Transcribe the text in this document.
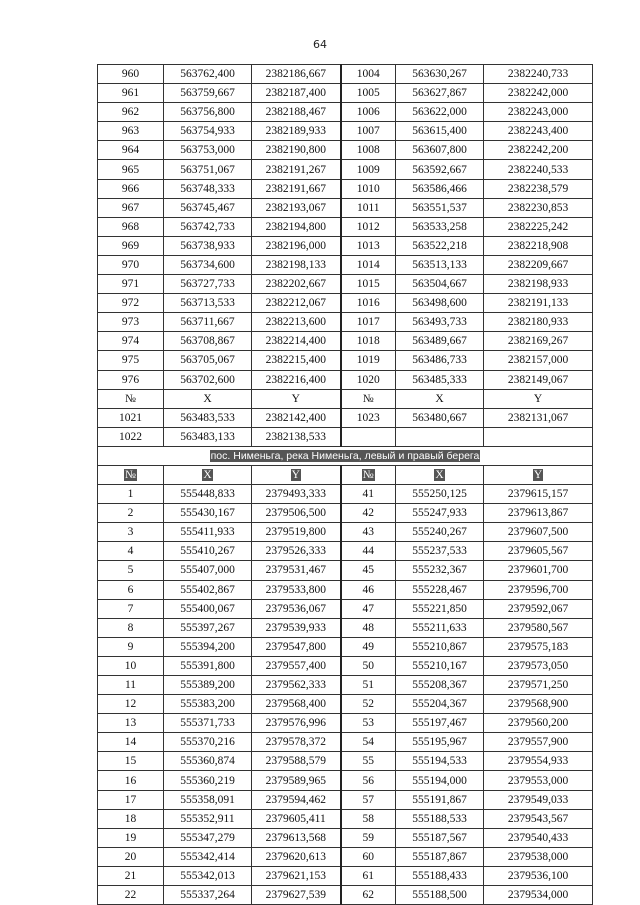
64
960	563762,400	2382186,667	1004	563630,267	2382240,733
961	563759,667	2382187,400	1005	563627,867	2382242,000
962	563756,800	2382188,467	1006	563622,000	2382243,000
963	563754,933	2382189,933	1007	563615,400	2382243,400
964	563753,000	2382190,800	1008	563607,800	2382242,200
965	563751,067	2382191,267	1009	563592,667	2382240,533
966	563748,333	2382191,667	1010	563586,466	2382238,579
967	563745,467	2382193,067	1011	563551,537	2382230,853
968	563742,733	2382194,800	1012	563533,258	2382225,242
969	563738,933	2382196,000	1013	563522,218	2382218,908
970	563734,600	2382198,133	1014	563513,133	2382209,667
971	563727,733	2382202,667	1015	563504,667	2382198,933
972	563713,533	2382212,067	1016	563498,600	2382191,133
973	563711,667	2382213,600	1017	563493,733	2382180,933
974	563708,867	2382214,400	1018	563489,667	2382169,267
975	563705,067	2382215,400	1019	563486,733	2382157,000
976	563702,600	2382216,400	1020	563485,333	2382149,067
№	X	Y	№	X	Y
1021	563483,533	2382142,400	1023	563480,667	2382131,067
1022	563483,133	2382138,533			
пос. Нименьга, река Нименьга, левый и правый берега					
№	X	Y	№	X	Y
1	555448,833	2379493,333	41	555250,125	2379615,157
2	555430,167	2379506,500	42	555247,933	2379613,867
3	555411,933	2379519,800	43	555240,267	2379607,500
4	555410,267	2379526,333	44	555237,533	2379605,567
5	555407,000	2379531,467	45	555232,367	2379601,700
6	555402,867	2379533,800	46	555228,467	2379596,700
7	555400,067	2379536,067	47	555221,850	2379592,067
8	555397,267	2379539,933	48	555211,633	2379580,567
9	555394,200	2379547,800	49	555210,867	2379575,183
10	555391,800	2379557,400	50	555210,167	2379573,050
11	555389,200	2379562,333	51	555208,367	2379571,250
12	555383,200	2379568,400	52	555204,367	2379568,900
13	555371,733	2379576,996	53	555197,467	2379560,200
14	555370,216	2379578,372	54	555195,967	2379557,900
15	555360,874	2379588,579	55	555194,533	2379554,933
16	555360,219	2379589,965	56	555194,000	2379553,000
17	555358,091	2379594,462	57	555191,867	2379549,033
18	555352,911	2379605,411	58	555188,533	2379543,567
19	555347,279	2379613,568	59	555187,567	2379540,433
20	555342,414	2379620,613	60	555187,867	2379538,000
21	555342,013	2379621,153	61	555188,433	2379536,100
22	555337,264	2379627,539	62	555188,500	2379534,000
